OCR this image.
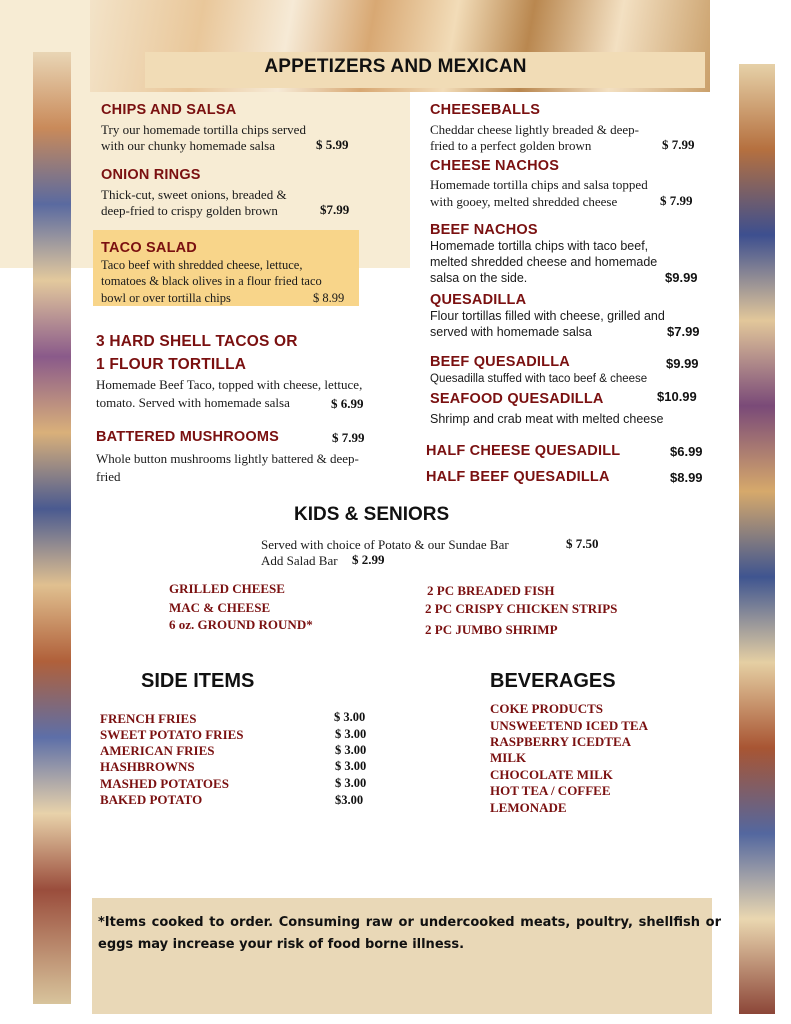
APPETIZERS AND MEXICAN
CHIPS AND SALSA
Try our homemade tortilla chips served
with our chunky homemade salsa	$ 5.99
ONION RINGS
Thick-cut, sweet onions, breaded &
deep-fried to crispy golden brown	$7.99
TACO SALAD
Taco beef with shredded cheese, lettuce,
tomatoes & black olives in a flour fried taco
bowl or over tortilla chips	$ 8.99
3 HARD SHELL TACOS OR
1 FLOUR TORTILLA
Homemade Beef Taco, topped with cheese, lettuce,
tomato. Served with homemade salsa	$ 6.99
BATTERED MUSHROOMS	$ 7.99
Whole button mushrooms lightly battered & deep-
fried
CHEESEBALLS
Cheddar cheese lightly breaded & deep-
fried to a perfect golden brown	$ 7.99
CHEESE NACHOS
Homemade tortilla chips and salsa topped
with gooey, melted shredded cheese	$ 7.99
BEEF NACHOS
Homemade tortilla chips with taco beef,
melted shredded cheese and homemade
salsa on the side.	$9.99
QUESADILLA
Flour tortillas filled with cheese, grilled and
served with homemade salsa	$7.99
BEEF QUESADILLA	$9.99
Quesadilla stuffed with taco beef & cheese
SEAFOOD QUESADILLA	$10.99
Shrimp and crab meat with melted cheese
HALF CHEESE QUESADILL	$6.99
HALF BEEF QUESADILLA	$8.99
KIDS & SENIORS
Served with choice of Potato & our Sundae Bar	$ 7.50
Add Salad Bar $ 2.99
GRILLED CHEESE
MAC & CHEESE
6 oz. GROUND ROUND*
2 PC BREADED FISH
2 PC CRISPY CHICKEN STRIPS
2 PC JUMBO SHRIMP
SIDE ITEMS
FRENCH FRIES	$ 3.00
SWEET POTATO FRIES	$ 3.00
AMERICAN FRIES	$ 3.00
HASHBROWNS	$ 3.00
MASHED POTATOES	$ 3.00
BAKED POTATO	$3.00
BEVERAGES
COKE PRODUCTS
UNSWEETEND ICED TEA
RASPBERRY ICEDTEA
MILK
CHOCOLATE MILK
HOT TEA / COFFEE
LEMONADE
*Items cooked to order. Consuming raw or undercooked meats, poultry, shellfish or eggs may increase your risk of food borne illness.
